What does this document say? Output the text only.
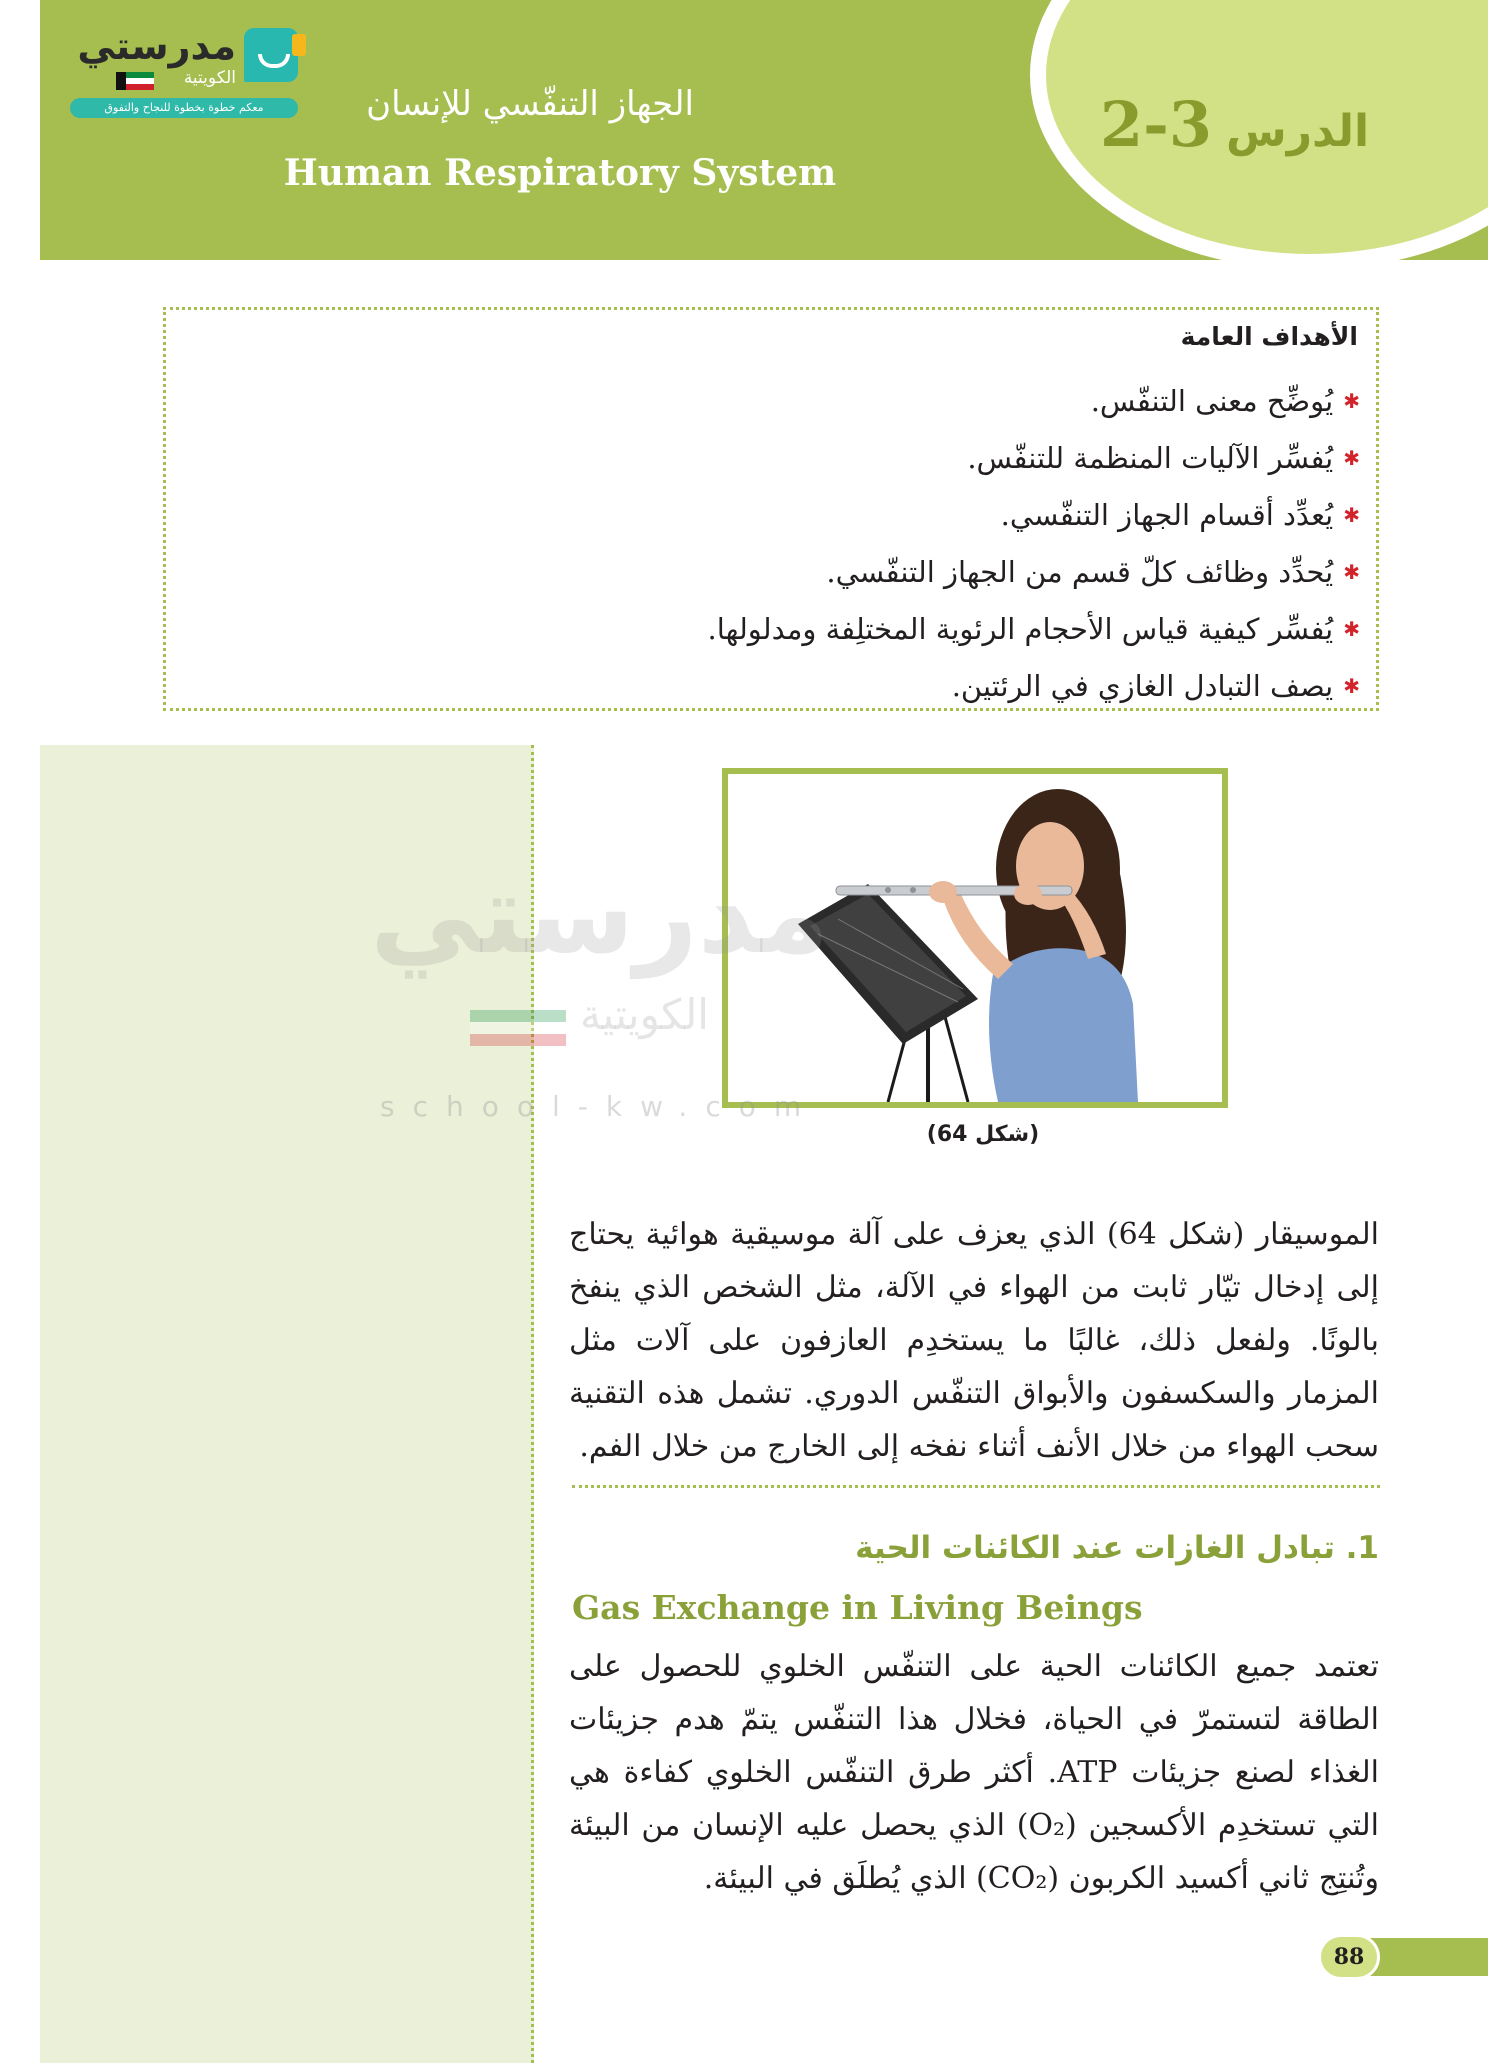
الدرس
2-3
الجهاز التنفّسي للإنسان
Human Respiratory System
مدرستي
الكويتية
معكم خطوة بخطوة للنجاح والتفوق
الأهداف العامة
✱
يُوضِّح معنى التنفّس.
✱
يُفسِّر الآليات المنظمة للتنفّس.
✱
يُعدِّد أقسام الجهاز التنفّسي.
✱
يُحدِّد وظائف كلّ قسم من الجهاز التنفّسي.
✱
يُفسِّر كيفية قياس الأحجام الرئوية المختلِفة ومدلولها.
✱
يصف التبادل الغازي في الرئتين.
(شكل 64)
مدرستي
الكويتية
school-kw.com

الموسيقار (شكل 64) الذي يعزف على آلة موسيقية هوائية يحتاج إلى إدخال تيّار ثابت من الهواء في الآلة، مثل الشخص الذي ينفخ بالونًا. ولفعل ذلك، غالبًا ما يستخدِم العازفون على آلات مثل المزمار والسكسفون والأبواق التنفّس الدوري. تشمل هذه التقنية سحب الهواء من خلال الأنف أثناء نفخه إلى الخارج من خلال الفم.

1. تبادل الغازات عند الكائنات الحية
Gas Exchange in Living Beings

تعتمد جميع الكائنات الحية على التنفّس الخلوي للحصول على الطاقة لتستمرّ في الحياة، فخلال هذا التنفّس يتمّ هدم جزيئات الغذاء لصنع جزيئات ATP. أكثر طرق التنفّس الخلوي كفاءة هي التي تستخدِم الأكسجين (O₂) الذي يحصل عليه الإنسان من البيئة وتُنتِج ثاني أكسيد الكربون (CO₂) الذي يُطلَق في البيئة.

88
